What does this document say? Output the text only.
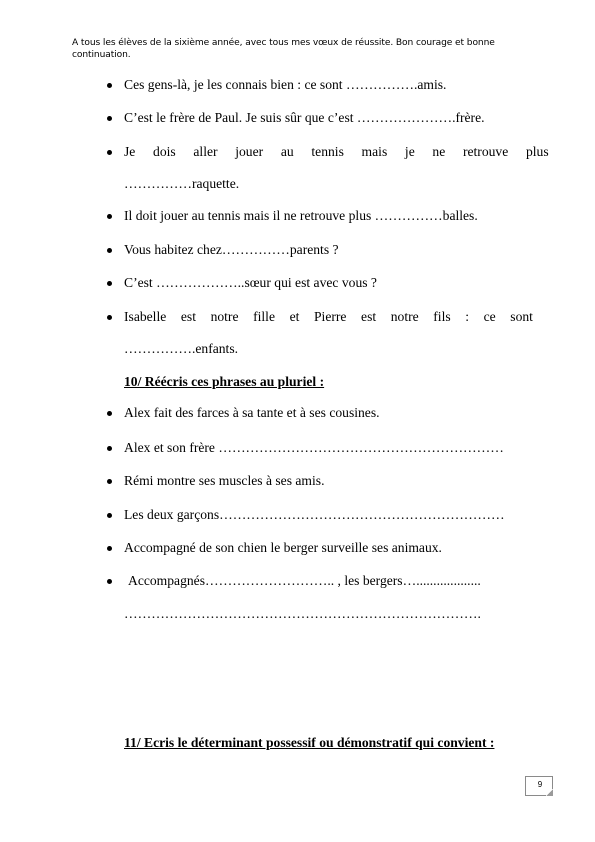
A tous les élèves de la sixième année, avec tous mes vœux de réussite. Bon courage et bonne continuation.
Ces gens-là, je les connais bien : ce sont …………….amis.
C’est le frère de Paul. Je suis sûr que c’est ………………….frère.
Je dois aller jouer au tennis mais je ne retrouve plus
……………raquette.
Il doit jouer au tennis mais il ne retrouve plus ……………balles.
Vous habitez chez……………parents ?
C’est ………………..sœur qui est avec vous ?
Isabelle est notre fille et Pierre est notre fils : ce sont
…………….enfants.
10/ Réécris ces phrases au pluriel :
Alex fait des farces à sa tante et à ses cousines.
Alex et son frère ………………………………………………………
Rémi montre ses muscles à ses amis.
Les deux garçons………………………………………………………
Accompagné de son chien le berger surveille ses animaux.
Accompagnés……………………….. , les bergers…...................
…………………………………………………………………….
11/ Ecris le déterminant possessif ou démonstratif qui convient :
9
